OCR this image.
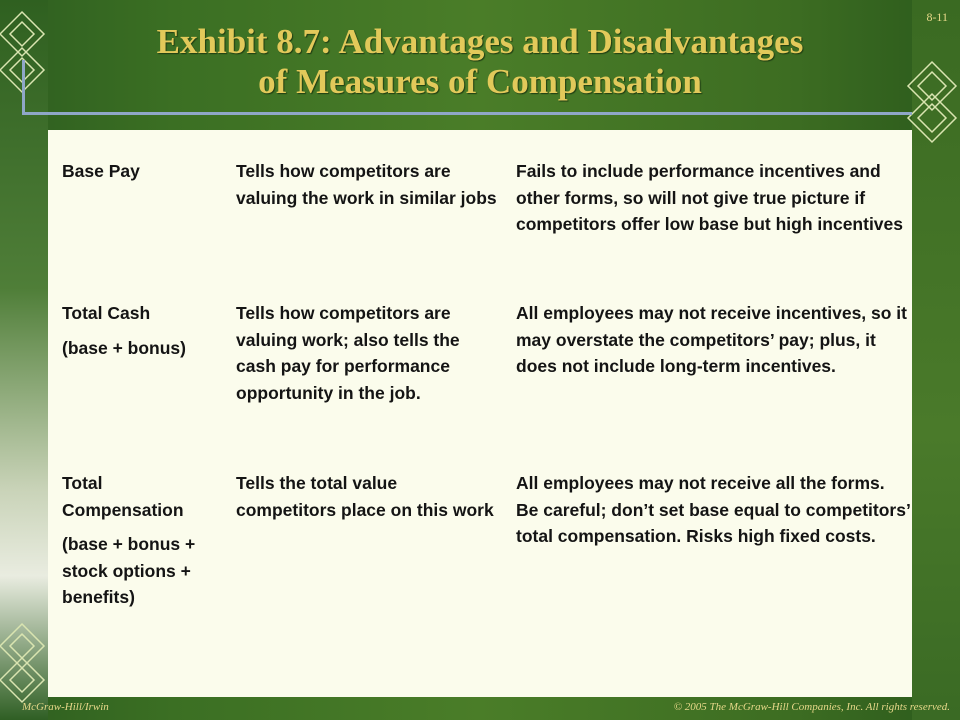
8-11
Exhibit 8.7: Advantages and Disadvantages
of Measures of Compensation
Base Pay	Tells how competitors are valuing the work in similar jobs
Fails to include performance incentives and other forms, so will not give true picture if competitors offer low base but high incentives
Total Cash
(base + bonus)
Tells how competitors are valuing work; also tells the cash pay for performance opportunity in the job.
All employees may not receive incentives, so it may overstate the competitors’ pay; plus, it does not include long-term incentives.
Total Compensation
(base + bonus + stock options + benefits)
Tells the total value competitors place on this work
All employees may not receive all the forms. Be careful; don’t set base equal to competitors’ total compensation. Risks high fixed costs.
McGraw-Hill/Irwin	© 2005 The McGraw-Hill Companies, Inc. All rights reserved.
